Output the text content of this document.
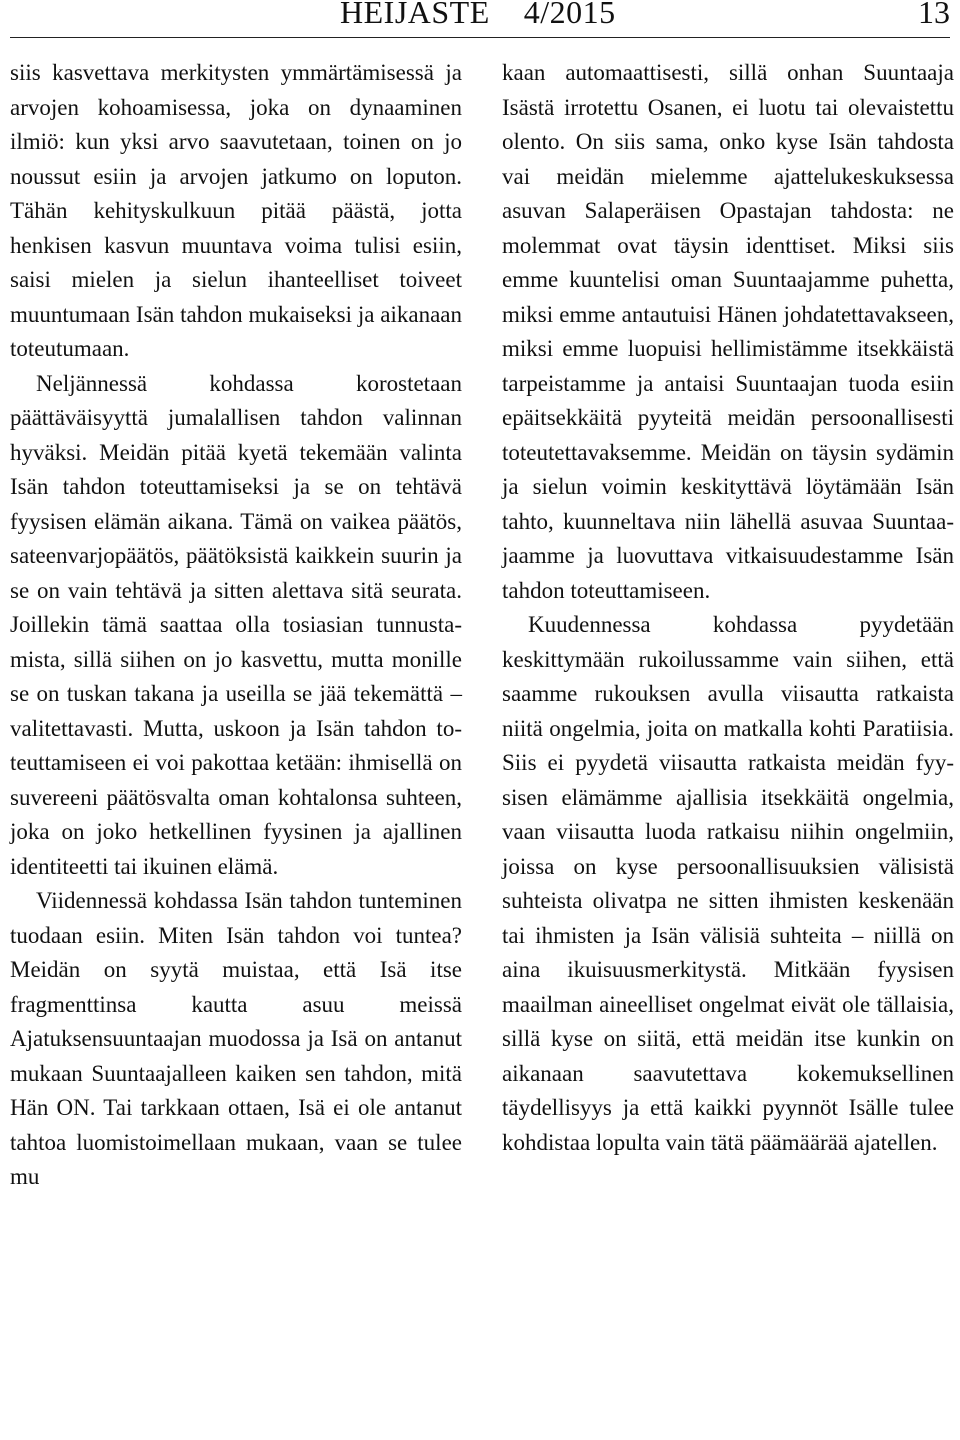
HEIJASTE    4/2015	13

siis kasvettava merkitysten ymmärtämisessä ja arvojen kohoamisessa, joka on dynaaminen ilmiö: kun yksi arvo saavutetaan, toinen on jo noussut esiin ja arvojen jatkumo on loputon. Tähän kehityskulkuun pitää päästä, jotta henkisen kasvun muuntava voima tulisi esiin, saisi mielen ja sielun ihanteelliset toiveet muuntumaan Isän tahdon mukaiseksi ja aikanaan toteutumaan.

Neljännessä kohdassa korostetaan päättäväisyyttä jumalallisen tahdon valinnan hyväksi. Meidän pitää kyetä tekemään valinta Isän tahdon toteuttamiseksi ja se on tehtävä fyysisen elämän aikana. Tämä on vaikea päätös, sateenvarjopäätös, päätöksistä kaikkein suurin ja se on vain tehtävä ja sitten alettava sitä seurata. Joillekin tämä saattaa olla tosiasian tunnustamista, sillä siihen on jo kasvettu, mutta monille se on tuskan takana ja useilla se jää tekemättä – valitettavasti. Mutta, uskoon ja Isän tahdon toteuttamiseen ei voi pakottaa ketään: ihmisellä on suvereeni päätösvalta oman kohtalonsa suhteen, joka on joko hetkellinen fyysinen ja ajallinen identiteetti tai ikuinen elämä.

Viidennessä kohdassa Isän tahdon tunteminen tuodaan esiin. Miten Isän tahdon voi tuntea? Meidän on syytä muistaa, että Isä itse fragmenttinsa kautta asuu meissä Ajatuksensuuntaajan muodossa ja Isä on antanut mukaan Suuntaajalleen kaiken sen tahdon, mitä Hän ON. Tai tarkkaan ottaen, Isä ei ole antanut tahtoa luomistoimellaan mukaan, vaan se tulee mu

kaan automaattisesti, sillä onhan Suuntaaja Isästä irrotettu Osanen, ei luotu tai olevaistettu olento. On siis sama, onko kyse Isän tahdosta vai meidän mielemme ajattelukeskuksessa asuvan Salaperäisen Opastajan tahdosta: ne molemmat ovat täysin identtiset. Miksi siis emme kuuntelisi oman Suuntaajamme puhetta, miksi emme antautuisi Hänen johdatettavakseen, miksi emme luopuisi hellimistämme itsekkäistä tarpeistamme ja antaisi Suuntaajan tuoda esiin epäitsekkäitä pyyteitä meidän persoonallisesti toteutettavaksemme. Meidän on täysin sydämin ja sielun voimin keskityttävä löytämään Isän tahto, kuunneltava niin lähellä asuvaa Suuntaajaamme ja luovuttava vitkaisuudestamme Isän tahdon toteuttamiseen.

Kuudennessa kohdassa pyydetään keskittymään rukoilussamme vain siihen, että saamme rukouksen avulla viisautta ratkaista niitä ongelmia, joita on matkalla kohti Paratiisia. Siis ei pyydetä viisautta ratkaista meidän fyysisen elämämme ajallisia itsekkäitä ongelmia, vaan viisautta luoda ratkaisu niihin ongelmiin, joissa on kyse persoonallisuuksien välisistä suhteista olivatpa ne sitten ihmisten keskenään tai ihmisten ja Isän välisiä suhteita – niillä on aina ikuisuusmerkitystä. Mitkään fyysisen maailman aineelliset ongelmat eivät ole tällaisia, sillä kyse on siitä, että meidän itse kunkin on aikanaan saavutettava kokemuksellinen täydellisyys ja että kaikki pyynnöt Isälle tulee kohdistaa lopulta vain tätä päämäärää ajatellen.
